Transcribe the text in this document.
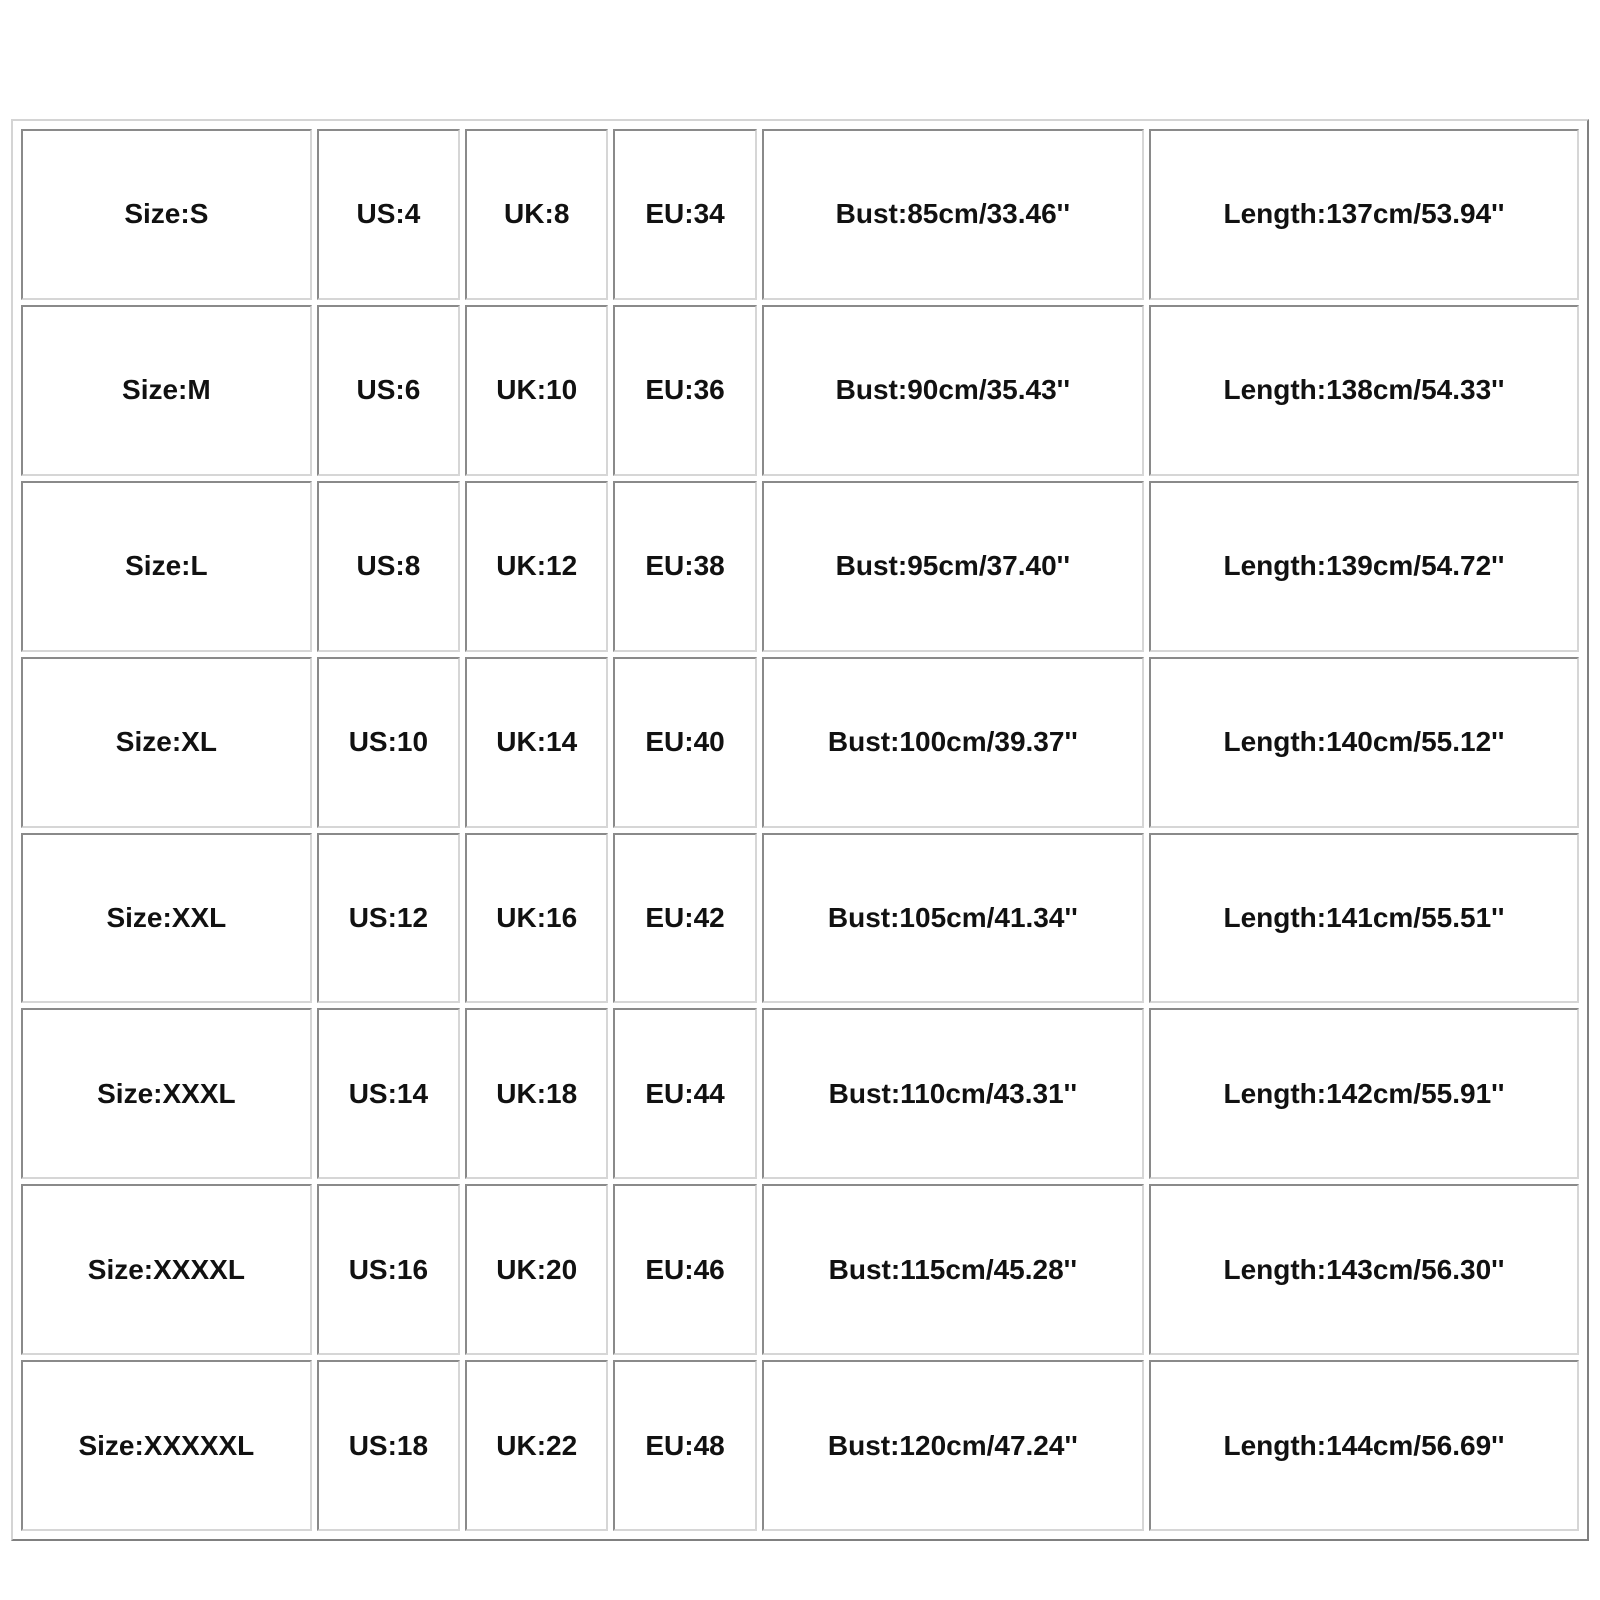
Size:S	US:4	UK:8	EU:34	Bust:85cm/33.46''	Length:137cm/53.94''
Size:M	US:6	UK:10	EU:36	Bust:90cm/35.43''	Length:138cm/54.33''
Size:L	US:8	UK:12	EU:38	Bust:95cm/37.40''	Length:139cm/54.72''
Size:XL	US:10	UK:14	EU:40	Bust:100cm/39.37''	Length:140cm/55.12''
Size:XXL	US:12	UK:16	EU:42	Bust:105cm/41.34''	Length:141cm/55.51''
Size:XXXL	US:14	UK:18	EU:44	Bust:110cm/43.31''	Length:142cm/55.91''
Size:XXXXL	US:16	UK:20	EU:46	Bust:115cm/45.28''	Length:143cm/56.30''
Size:XXXXXL	US:18	UK:22	EU:48	Bust:120cm/47.24''	Length:144cm/56.69''
